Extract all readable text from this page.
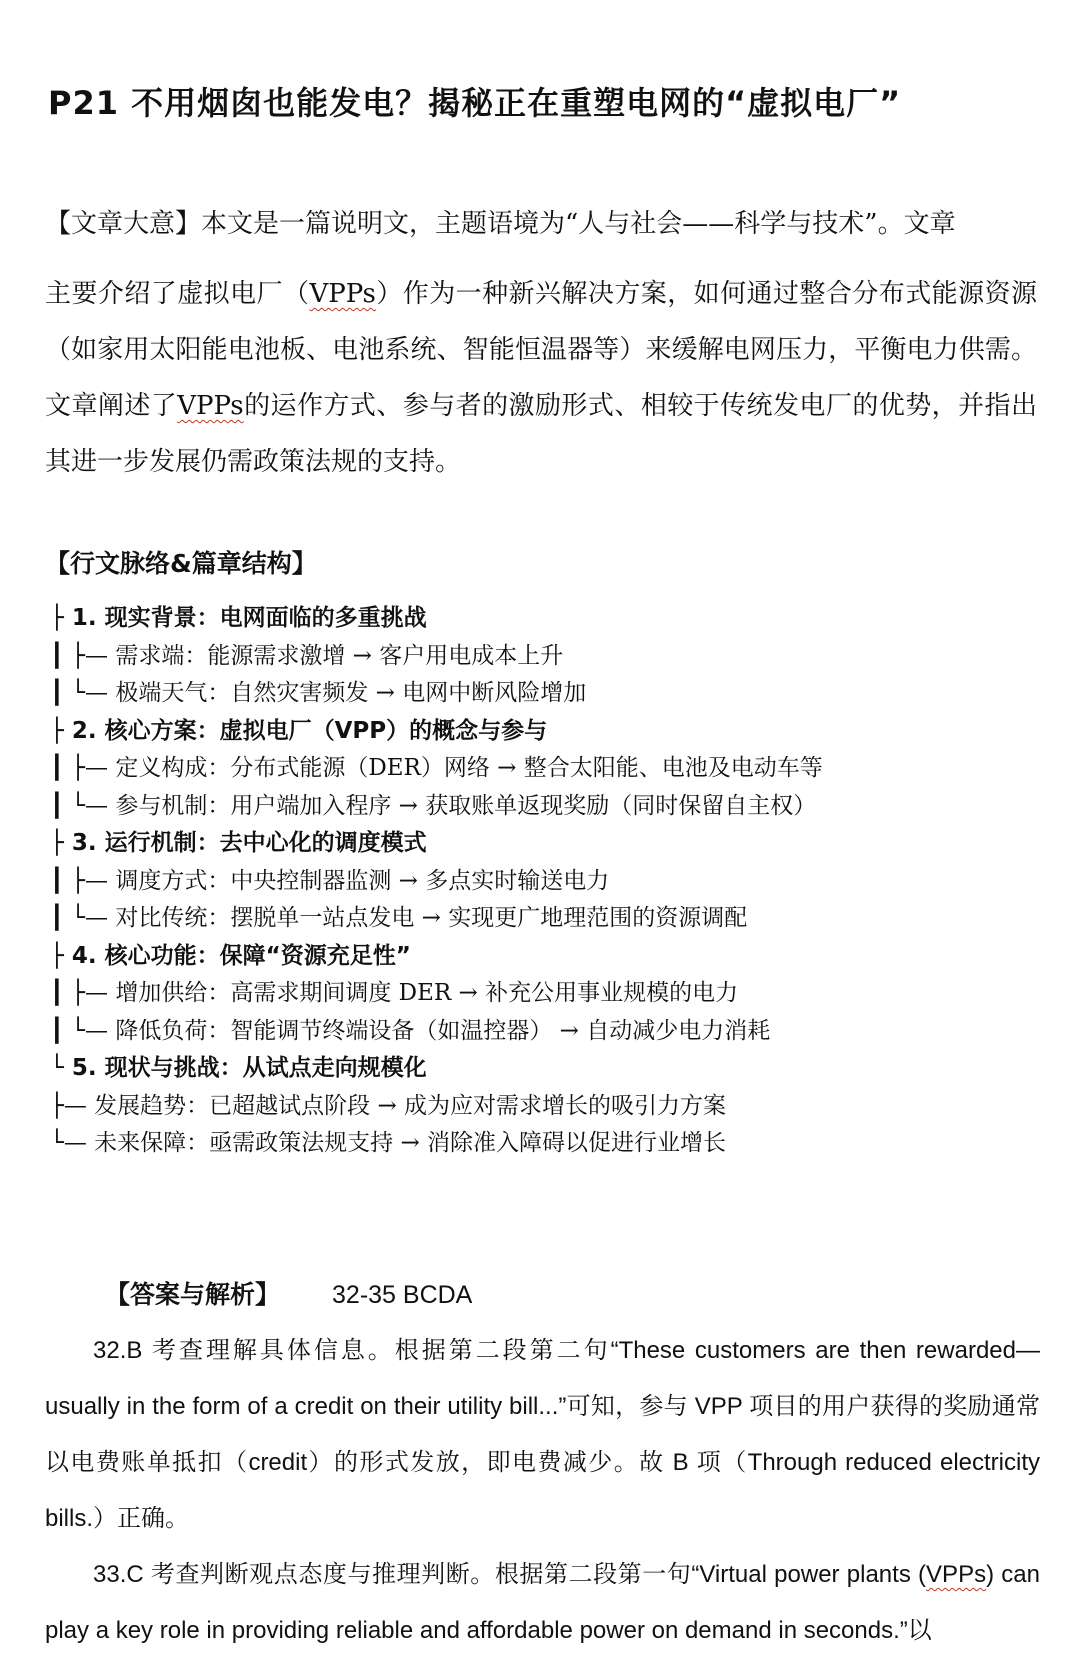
P21 不用烟囱也能发电？揭秘正在重塑电网的“虚拟电厂”

【文章大意】本文是一篇说明文，主题语境为“人与社会——科学与技术”。文章

主要介绍了虚拟电厂（VPPs）作为一种新兴解决方案，如何通过整合分布式能源资源（如家用太阳能电池板、电池系统、智能恒温器等）来缓解电网压力，平衡电力供需。文章阐述了VPPs的运作方式、参与者的激励形式、相较于传统发电厂的优势，并指出其进一步发展仍需政策法规的支持。

【行文脉络&篇章结构】
├ 1. 现实背景：电网面临的多重挑战
┃ ├— 需求端：能源需求激增 → 客户用电成本上升
┃ └— 极端天气：自然灾害频发 → 电网中断风险增加
├ 2. 核心方案：虚拟电厂（VPP）的概念与参与
┃ ├— 定义构成：分布式能源（DER）网络 → 整合太阳能、电池及电动车等
┃ └— 参与机制：用户端加入程序 → 获取账单返现奖励（同时保留自主权）
├ 3. 运行机制：去中心化的调度模式
┃ ├— 调度方式：中央控制器监测 → 多点实时输送电力
┃ └— 对比传统：摆脱单一站点发电 → 实现更广地理范围的资源调配
├ 4. 核心功能：保障“资源充足性”
┃ ├— 增加供给：高需求期间调度 DER → 补充公用事业规模的电力
┃ └— 降低负荷：智能调节终端设备（如温控器） → 自动减少电力消耗
└ 5. 现状与挑战：从试点走向规模化
├— 发展趋势：已超越试点阶段 → 成为应对需求增长的吸引力方案
└— 未来保障：亟需政策法规支持 → 消除准入障碍以促进行业增长
【答案与解析】 32-35 BCDA

32.B 考查理解具体信息。根据第二段第二句“These customers are then rewarded—usually in the form of a credit on their utility bill...”可知，参与 VPP 项目的用户获得的奖励通常以电费账单抵扣（credit）的形式发放，即电费减少。故 B 项（Through reduced electricity bills.）正确。

33.C 考查判断观点态度与推理判断。根据第二段第一句“Virtual power plants (VPPs) can play a key role in providing reliable and affordable power on demand in seconds.”以
